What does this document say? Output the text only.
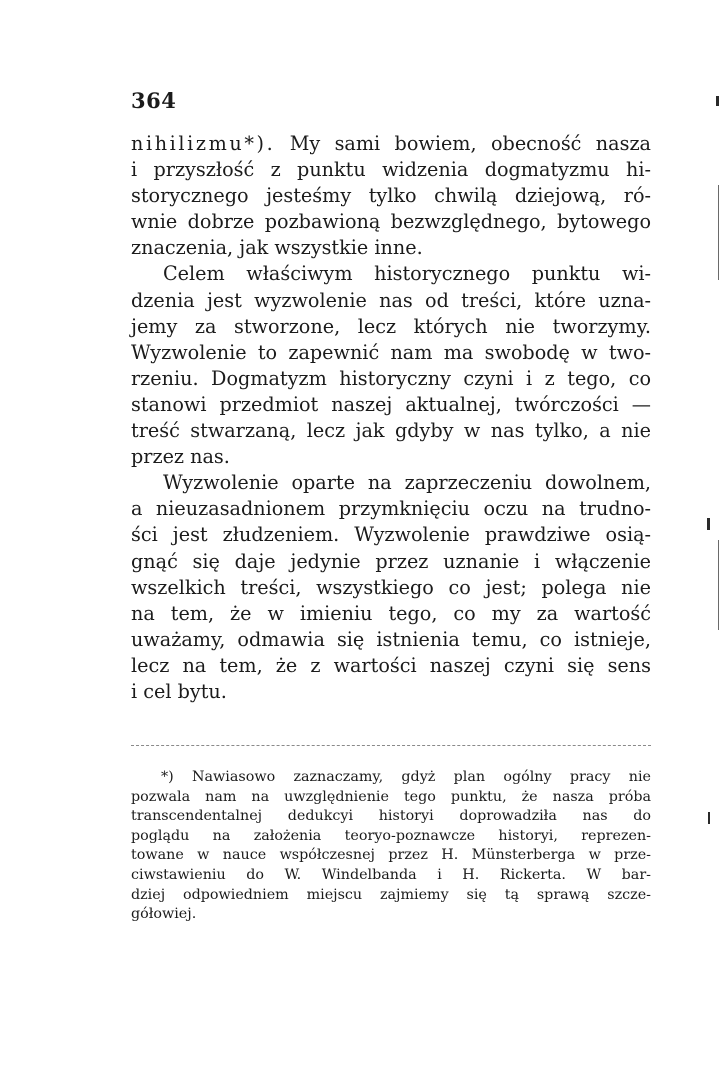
364
nihilizmu*). My sami bowiem, obecność nasza
i przyszłość z punktu widzenia dogmatyzmu hi-
storycznego jesteśmy tylko chwilą dziejową, ró-
wnie dobrze pozbawioną bezwzględnego, bytowego
znaczenia, jak wszystkie inne.
Celem właściwym historycznego punktu wi-
dzenia jest wyzwolenie nas od treści, które uzna-
jemy za stworzone, lecz których nie tworzymy.
Wyzwolenie to zapewnić nam ma swobodę w two-
rzeniu. Dogmatyzm historyczny czyni i z tego, co
stanowi przedmiot naszej aktualnej, twórczości —
treść stwarzaną, lecz jak gdyby w nas tylko, a nie
przez nas.
Wyzwolenie oparte na zaprzeczeniu dowolnem,
a nieuzasadnionem przymknięciu oczu na trudno-
ści jest złudzeniem. Wyzwolenie prawdziwe osią-
gnąć się daje jedynie przez uznanie i włączenie
wszelkich treści, wszystkiego co jest; polega nie
na tem, że w imieniu tego, co my za wartość
uważamy, odmawia się istnienia temu, co istnieje,
lecz na tem, że z wartości naszej czyni się sens
i cel bytu.
*) Nawiasowo zaznaczamy, gdyż plan ogólny pracy nie
pozwala nam na uwzględnienie tego punktu, że nasza próba
transcendentalnej dedukcyi historyi doprowadziła nas do
poglądu na założenia teoryo-poznawcze historyi, reprezen-
towane w nauce współczesnej przez H. Münsterberga w prze-
ciwstawieniu do W. Windelbanda i H. Rickerta. W bar-
dziej odpowiedniem miejscu zajmiemy się tą sprawą szcze-
gółowiej.
